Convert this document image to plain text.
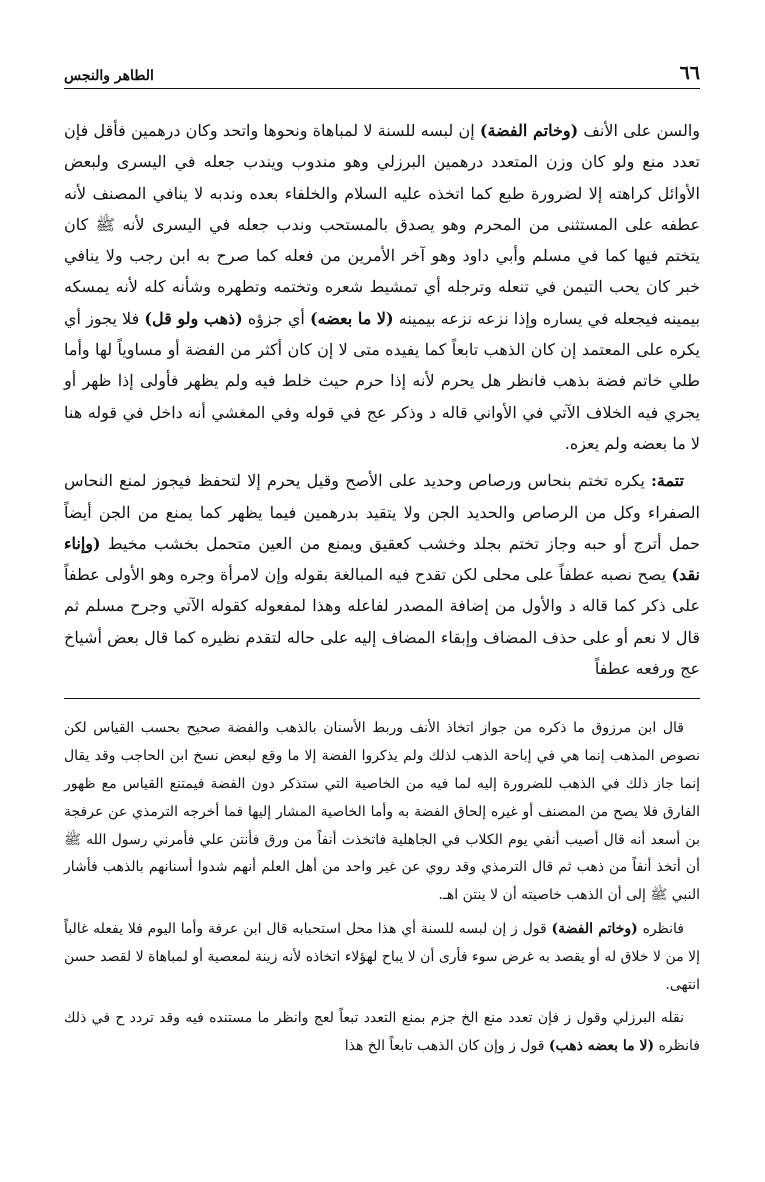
٦٦
الطاهر والنجس

والسن على الأنف (وخاتم الفضة) إن لبسه للسنة لا لمباهاة ونحوها واتحد وكان درهمين فأقل فإن تعدد منع ولو كان وزن المتعدد درهمين البرزلي وهو مندوب ويندب جعله في اليسرى ولبعض الأوائل كراهته إلا لضرورة طبع كما اتخذه عليه السلام والخلفاء بعده وندبه لا ينافي المصنف لأنه عطفه على المستثنى من المحرم وهو يصدق بالمستحب وندب جعله في اليسرى لأنه ﷺ كان يتختم فيها كما في مسلم وأبي داود وهو آخر الأمرين من فعله كما صرح به ابن رجب ولا ينافي خبر كان يحب التيمن في تنعله وترجله أي تمشيط شعره وتختمه وتطهره وشأنه كله لأنه يمسكه بيمينه فيجعله في يساره وإذا نزعه نزعه بيمينه (لا ما بعضه) أي جزؤه (ذهب ولو قل) فلا يجوز أي يكره على المعتمد إن كان الذهب تابعاً كما يفيده متى لا إن كان أكثر من الفضة أو مساوياً لها وأما طلي خاتم فضة بذهب فانظر هل يحرم لأنه إذا حرم حيث خلط فيه ولم يظهر فأولى إذا ظهر أو يجري فيه الخلاف الآتي في الأواني قاله د وذكر عج في قوله وفي المغشي أنه داخل في قوله هنا لا ما بعضه ولم يعزه.

تتمة: يكره تختم بنحاس ورصاص وحديد على الأصح وقيل يحرم إلا لتحفظ فيجوز لمنع النحاس الصفراء وكل من الرصاص والحديد الجن ولا يتقيد بدرهمين فيما يظهر كما يمنع من الجن أيضاً حمل أترج أو حبه وجاز تختم بجلد وخشب كعقيق ويمنع من العين متحمل بخشب مخيط (وإناء نقد) يصح نصبه عطفاً على محلى لكن تقدح فيه المبالغة بقوله وإن لامرأة وجره وهو الأولى عطفاً على ذكر كما قاله د والأول من إضافة المصدر لفاعله وهذا لمفعوله كقوله الآتي وجرح مسلم ثم قال لا نعم أو على حذف المضاف وإبقاء المضاف إليه على حاله لتقدم نظيره كما قال بعض أشياخ عج ورفعه عطفاً

قال ابن مرزوق ما ذكره من جواز اتخاذ الأنف وربط الأسنان بالذهب والفضة صحيح بحسب القياس لكن نصوص المذهب إنما هي في إباحة الذهب لذلك ولم يذكروا الفضة إلا ما وقع لبعض نسخ ابن الحاجب وقد يقال إنما جاز ذلك في الذهب للضرورة إليه لما فيه من الخاصية التي ستذكر دون الفضة فيمتنع القياس مع ظهور الفارق فلا يصح من المصنف أو غيره إلحاق الفضة به وأما الخاصية المشار إليها فما أخرجه الترمذي عن عرفجة بن أسعد أنه قال أصيب أنفي يوم الكلاب في الجاهلية فاتخذت أنفاً من ورق فأنتن علي فأمرني رسول الله ﷺ أن أتخذ أنفاً من ذهب ثم قال الترمذي وقد روي عن غير واحد من أهل العلم أنهم شدوا أسنانهم بالذهب فأشار النبي ﷺ إلى أن الذهب خاصيته أن لا ينتن اهـ.

فانظره (وخاتم الفضة) قول ز إن لبسه للسنة أي هذا محل استحبابه قال ابن عرفة وأما اليوم فلا يفعله غالباً إلا من لا خلاق له أو يقصد به غرض سوء فأرى أن لا يباح لهؤلاء اتخاذه لأنه زينة لمعصية أو لمباهاة لا لقصد حسن انتهى.

نقله البرزلي وقول ز فإن تعدد منع الخ جزم بمنع التعدد تبعاً لعج وانظر ما مستنده فيه وقد تردد ح في ذلك فانظره (لا ما بعضه ذهب) قول ز وإن كان الذهب تابعاً الخ هذا
